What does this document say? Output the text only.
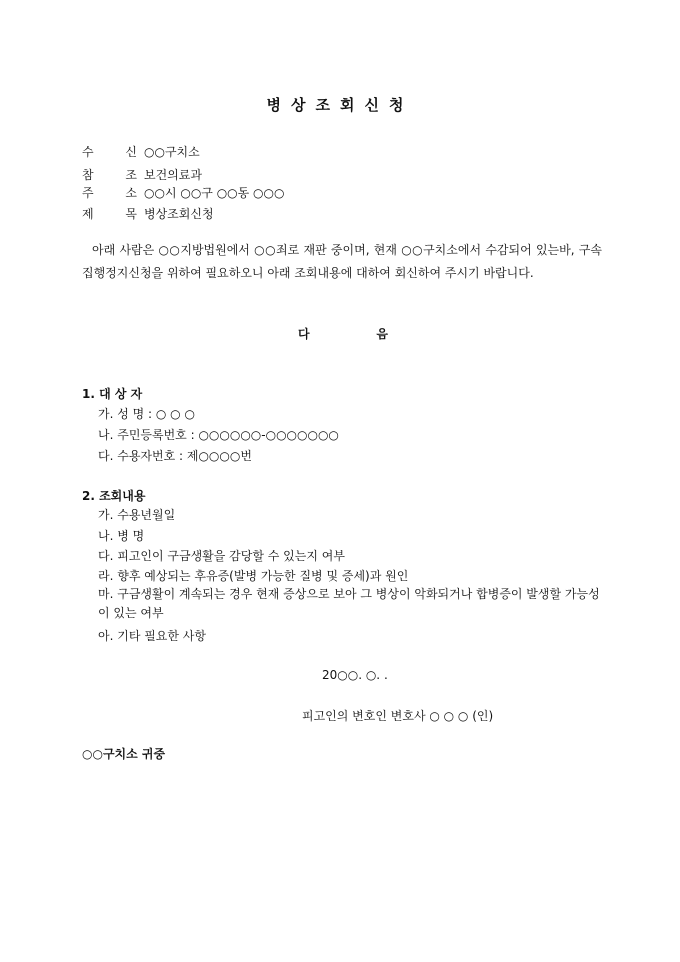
병상조회신청
수 신
○○구치소
참 조
보건의료과
주 소
○○시 ○○구 ○○동 ○○○
제 목
병상조회신청
아래 사람은 ○○지방법원에서 ○○죄로 재판 중이며, 현재 ○○구치소에서 수감되어 있는바, 구속집행정지신청을 위하여 필요하오니 아래 조회내용에 대하여 회신하여 주시기 바랍니다.
다	음
1. 대 상 자
가. 성 명 : ○ ○ ○
나. 주민등록번호 : ○○○○○○-○○○○○○○
다. 수용자번호 : 제○○○○번
2. 조회내용
가. 수용년월일
나. 병 명
다. 피고인이 구금생활을 감당할 수 있는지 여부
라. 향후 예상되는 후유증(발병 가능한 질병 및 증세)과 원인
마. 구금생활이 계속되는 경우 현재 증상으로 보아 그 병상이 악화되거나 합병증이 발생할 가능성이 있는 여부
아. 기타 필요한 사항
20○○. ○. .
피고인의 변호인 변호사 ○ ○ ○ (인)
○○구치소 귀중
